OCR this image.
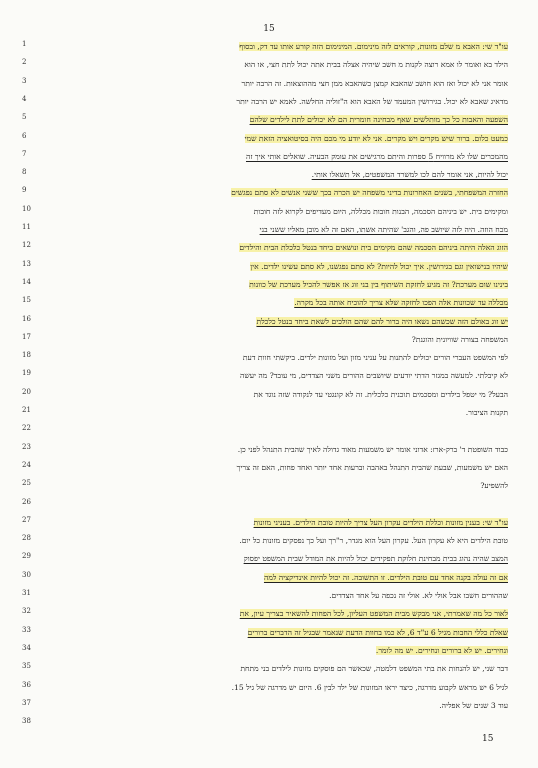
15
1
2
3
4
5
6
7
8
9
10
11
12
13
14
15
16
17
18
19
20
21
22
23
24
25
26
27
28
29
30
31
32
33
34
35
36
37
38
עו"ד שי: האבא מ שלם מזונות, קוראים לזה מינימום. המינימום הזה קורע אותו עד דק, ובסוף
הילד בא ואומר לו אמא רוצה לקנות מ חשב שיהיה אצלה בבית אתה יכול לתת חצי, או הוא
אומר אני לא יכול ואז הוא חושב שהאבא קמצן כשהאבא ממן חצי מההוצאות. זה הרבה יותר
מדאיג שאבא לא יכול. בגירושין המעמד של האבא הוא ה"זוליה החלשה. לאמא יש הרבה יותר
השפעה והאבות כל כך מותלשים שאף מבחינה חומרית הם לא יכולים לתת לילדים שלהם
כמעט כלום. ברור שיש מקרים ויש מקרים. אני לא יודע מי מכם היה בסיטואציה הזאת שמי
מהמכרים שלו לא מרוויח 5 ספרות והיתם מרגישים את עומק הבעיה. שואלים אותי איך זה
יכול להיות, אני אומר להם לכו למשרד המשפטים, אל תשאלו אותי.
החזרה המשפחתי, בשנים האחרונות בדיני משפחה יש הכרה בכך ששני אנשים לא סתם נפגשים
ומקימים בית. יש ביניהם הסכמה, הבנות חובות מכללה, היום מעדיפים לקרוא לזה חובות
מכח הוזה. היה לזה שיושב פה, והגב' שהיתה אשתו, האם זה לא מובן מאליו ששני בני
הזוג האלה היתה ביניהם הסכמה שהם מקימים בית ונושאים ביחד בנטל כלכלת הבית והילדים
שיהיו בנישואין וגם בגירושין. איך יכול להיות? לא סתם נפגשנו, לא סתם עשינו ילדים. אין
בינינו שום מערכת? זה מגיע לחזקת השיתוף בין בני זוג אז אפשר להכיל מערכת של כוונות
מכללה עד שכוונות אלה הפכו לחזקה שלא צריך להוכיח אותה בכל מקרה.
יש זוג באולם הזה שכשהם נשאו היה ברור להם שהם הולכים לשאת ביחד בנטל כלכלת
המשפחה בצורה שוויונית והוגנת?
לפי המשפט העברי הורים יכולים להתנות על עניני מזון ועל מזונות ילדים. ביקשתי חוות דעת
לא קיבלתי. למעשה במגזר הדתי יודעים שיושבים ההורים משני הצדדים, מי עובד? מה יעשה
הבעל? מי יטפל בילדים ומסכמים תוכנית כלכלית. זה לא קונגטי עד לנקודה שזה נוגד את
תקנות הציבור.
כבוד השופטת ד' ברק-ארז: אדוני אומר יש משמעות מאוד גדולה לאיך שהבית התנהל לפני כן.
האם יש משמעות, שבעת שהבית התנהל באהבה וברעות אחד יותר ואחד פחות, האם זה צריך
להשפיע?
עו"ד שי: בענין מזונות וכללת הילדים עקרון העל צריך להיות טובת הילדים. בעניני מזונות
טובת הילדים היא לא עקרון העל. עקרון העל הוא מגדר, ר"רך ועל כך נפסקים מזונות כל יום.
המצב שהיה נהוג בבית מבחינת חלוקת תפקידים יכול להיות את המודל שבית המשפט יפסוק
אם זה עולה בקנה אחד עם טובת הילדים. זו התשובה. זה יכול להיות אינדיקציה למה
שההורים חשבו אבל אולי לא. אולי זה נכפה על אחד הצדדים.
לאור כל מה שאמרתי, אני מבקש מבית המשפט העליון, לכל הפחות להשאיר בצריך עיון, את
שאלת כללי החבות מגיל 6 ע"ד 6, לא כמו בחוות הדעת שנאמר שבגיל זה הדברים ברורים
ונחירים. יש לא ברורים ונחירים. יש מה לומר.
דבר שני, יש להנחות את בתי המשפט דלמטה, שכאשר הם פוסקים מזונות לילדים בני מתחת
לגיל 6 יש מראש לקבוע מדרגה, כיצד יראו המזונות של ילד לבין 6. היום יש מדרגה של גיל 15.
עוד 3 שנים של אפליה.
15
